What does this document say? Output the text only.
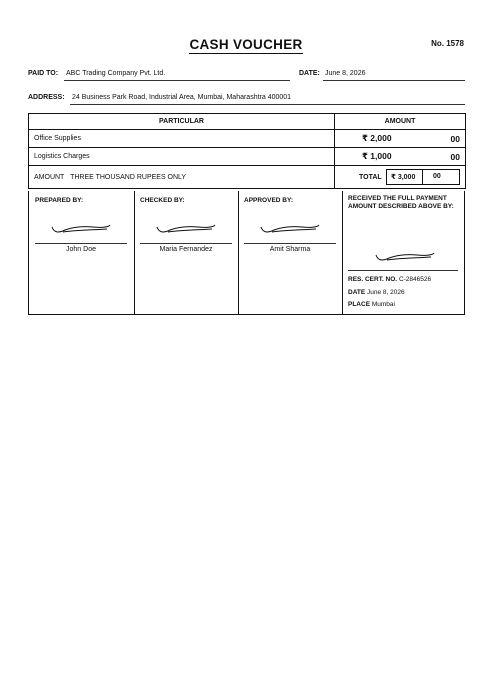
CASH VOUCHER	No. 1578
PAID TO: ABC Trading Company Pvt. Ltd.	DATE: June 8, 2026
ADDRESS: 24 Business Park Road, Industrial Area, Mumbai, Maharashtra 400001
PARTICULAR	AMOUNT
Office Supplies	₹ 2,000 00

Logistics Charges	₹ 1,000 00

AMOUNT THREE THOUSAND RUPEES ONLY	TOTAL ₹ 3,000 00
PREPARED BY:
John Doe
CHECKED BY:
Maria Fernandez
APPROVED BY:
Amit Sharma
RECEIVED THE FULL PAYMENT AMOUNT DESCRIBED ABOVE BY:
RES. CERT. NO. C-2846526
DATE June 8, 2026
PLACE Mumbai
